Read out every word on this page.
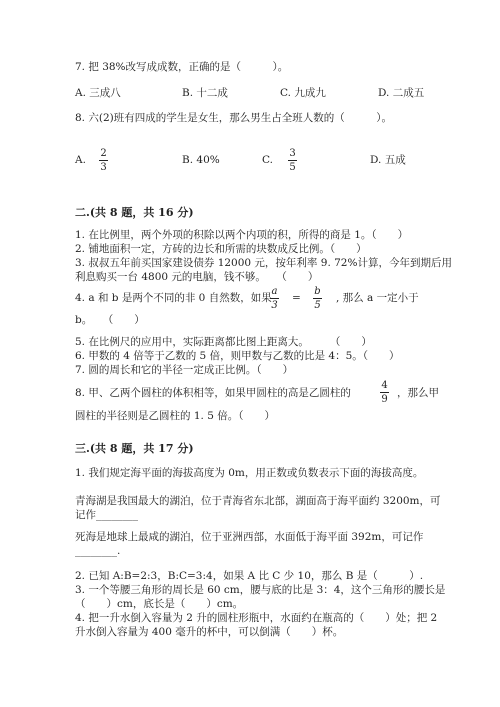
7. 把 38%改写成成数，正确的是（　　　）。
A. 三成八	B. 十二成	C. 九成九	D. 二成五
8. 六(2)班有四成的学生是女生，那么男生占全班人数的（　　　）。
A.
2
3
B. 40%	C.
3
5
D. 五成
二.(共 8 题，共 16 分)
1. 在比例里，两个外项的积除以两个内项的积，所得的商是 1。（　　）
2. 铺地面积一定，方砖的边长和所需的块数成反比例。（　　）
3. 叔叔五年前买国家建设债券 12000 元，按年利率 9. 72%计算，今年到期后用
利息购买一台 4800 元的电脑，钱不够。　　（　　）
4. a 和 b 是两个不同的非 0 自然数，如果
a
3
=
b
5
, 那么 a 一定小于
b。　　（　　）
5. 在比例尺的应用中，实际距离都比图上距离大。　　　（　　）
6. 甲数的 4 倍等于乙数的 5 倍，则甲数与乙数的比是 4：5。（　　）
7. 圆的周长和它的半径一定成正比例。（　　）
8. 甲、乙两个圆柱的体积相等，如果甲圆柱的高是乙圆柱的
4
9
，那么甲
圆柱的半径则是乙圆柱的 1. 5 倍。（　　）
三.(共 8 题，共 17 分)
1. 我们规定海平面的海拔高度为 0m，用正数或负数表示下面的海拔高度。
青海湖是我国最大的湖泊，位于青海省东北部，湖面高于海平面约 3200m，可
记作________
死海是地球上最咸的湖泊，位于亚洲西部，水面低于海平面 392m，可记作
________.
2. 已知 A:B=2:3，B:C=3:4，如果 A 比 C 少 10，那么 B 是（　　　）.
3. 一个等腰三角形的周长是 60 cm，腰与底的比是 3：4，这个三角形的腰长是
（　　）cm，底长是（　　）cm。
4. 把一升水倒入容量为 2 升的圆柱形瓶中，水面约在瓶高的（　　）处；把 2
升水倒入容量为 400 毫升的杯中，可以倒满（　　）杯。
